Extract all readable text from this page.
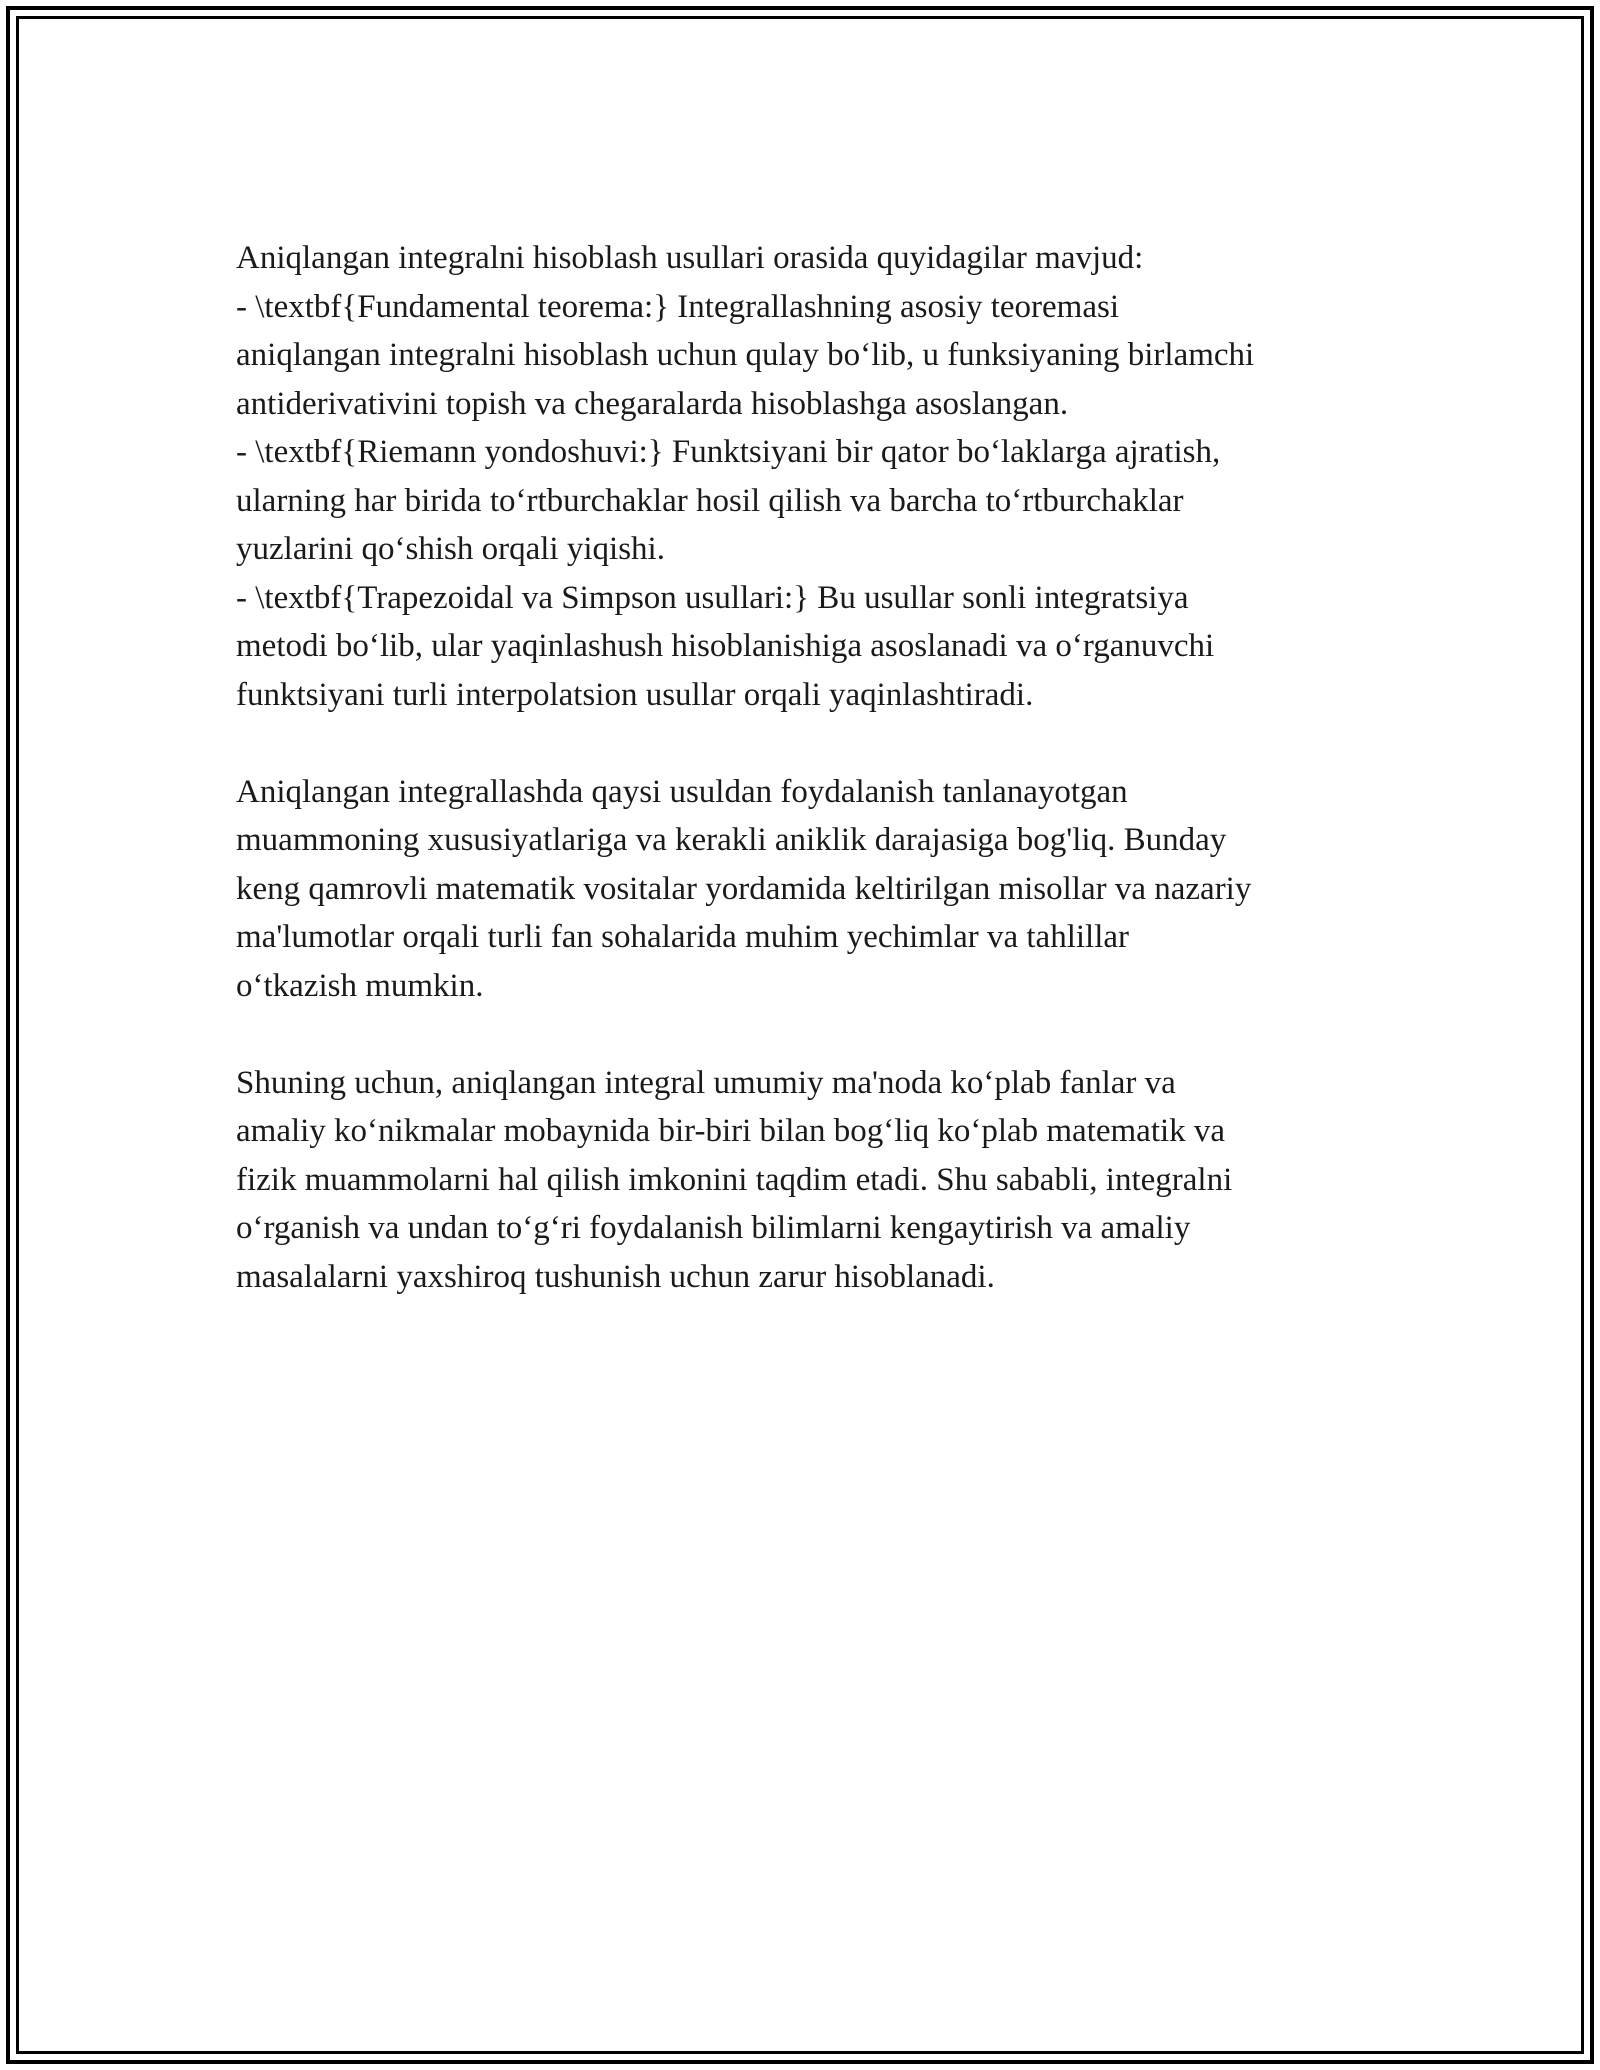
Aniqlangan integralni hisoblash usullari orasida quyidagilar mavjud:
- \textbf{Fundamental teorema:} Integrallashning asosiy teoremasi
aniqlangan integralni hisoblash uchun qulay bo‘lib, u funksiyaning birlamchi
antiderivativini topish va chegaralarda hisoblashga asoslangan.
- \textbf{Riemann yondoshuvi:} Funktsiyani bir qator bo‘laklarga ajratish,
ularning har birida to‘rtburchaklar hosil qilish va barcha to‘rtburchaklar
yuzlarini qo‘shish orqali yiqishi.
- \textbf{Trapezoidal va Simpson usullari:} Bu usullar sonli integratsiya
metodi bo‘lib, ular yaqinlashush hisoblanishiga asoslanadi va o‘rganuvchi
funktsiyani turli interpolatsion usullar orqali yaqinlashtiradi.
Aniqlangan integrallashda qaysi usuldan foydalanish tanlanayotgan
muammoning xususiyatlariga va kerakli aniklik darajasiga bog'liq. Bunday
keng qamrovli matematik vositalar yordamida keltirilgan misollar va nazariy
ma'lumotlar orqali turli fan sohalarida muhim yechimlar va tahlillar
o‘tkazish mumkin.
Shuning uchun, aniqlangan integral umumiy ma'noda ko‘plab fanlar va
amaliy ko‘nikmalar mobaynida bir-biri bilan bog‘liq ko‘plab matematik va
fizik muammolarni hal qilish imkonini taqdim etadi. Shu sababli, integralni
o‘rganish va undan to‘g‘ri foydalanish bilimlarni kengaytirish va amaliy
masalalarni yaxshiroq tushunish uchun zarur hisoblanadi.
